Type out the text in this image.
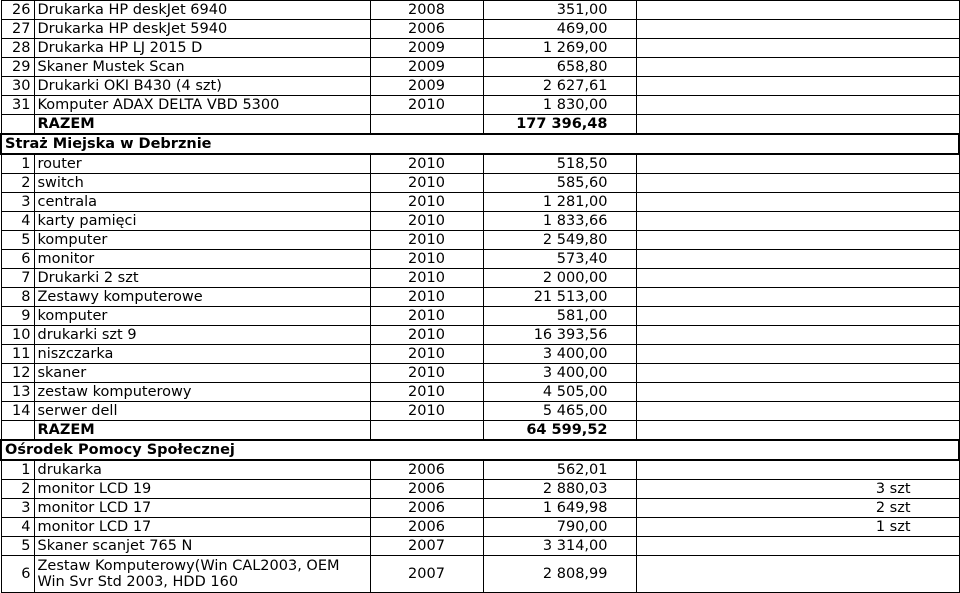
26	Drukarka HP deskJet 6940	2008	351,00	
27	Drukarka HP deskJet 5940	2006	469,00	
28	Drukarka HP LJ 2015 D	2009	1 269,00	
29	Skaner Mustek Scan	2009	658,80	
30	Drukarki OKI B430 (4 szt)	2009	2 627,61	
31	Komputer ADAX DELTA VBD 5300	2010	1 830,00	
	RAZEM		177 396,48	
Straż Miejska w Debrznie				
1	router	2010	518,50	
2	switch	2010	585,60	
3	centrala	2010	1 281,00	
4	karty pamięci	2010	1 833,66	
5	komputer	2010	2 549,80	
6	monitor	2010	573,40	
7	Drukarki 2 szt	2010	2 000,00	
8	Zestawy komputerowe	2010	21 513,00	
9	komputer	2010	581,00	
10	drukarki szt 9	2010	16 393,56	
11	niszczarka	2010	3 400,00	
12	skaner	2010	3 400,00	
13	zestaw komputerowy	2010	4 505,00	
14	serwer dell	2010	5 465,00	
	RAZEM		64 599,52	
Ośrodek Pomocy Społecznej				
1	drukarka	2006	562,01	
2	monitor LCD 19	2006	2 880,03	3 szt
3	monitor LCD 17	2006	1 649,98	2 szt
4	monitor LCD 17	2006	790,00	1 szt
5	Skaner scanjet 765 N	2007	3 314,00	
6	Zestaw Komputerowy(Win CAL2003, OEM Win Svr Std 2003, HDD 160	2007	2 808,99	
